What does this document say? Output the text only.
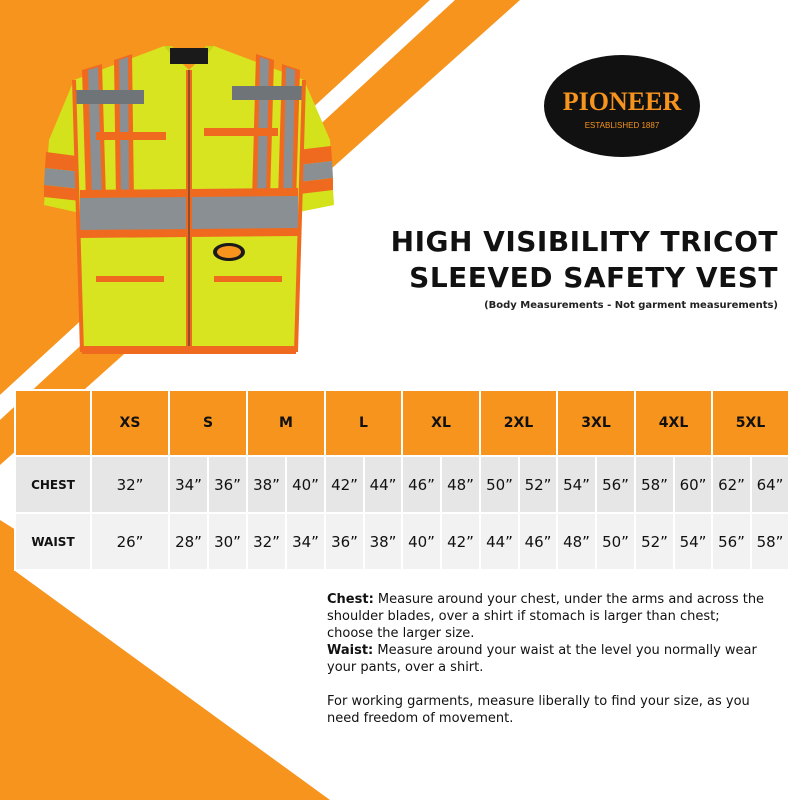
PIONEER
ESTABLISHED 1887
HIGH VISIBILITY TRICOT
SLEEVED SAFETY VEST
(Body Measurements - Not garment measurements)
	XS	S		M		L		XL		2XL		3XL		4XL		5XL	
CHEST	32”	34”	36”	38”	40”	42”	44”	46”	48”	50”	52”	54”	56”	58”	60”	62”	64”
WAIST	26”	28”	30”	32”	34”	36”	38”	40”	42”	44”	46”	48”	50”	52”	54”	56”	58”

Chest: Measure around your chest, under the arms and across the shoulder blades, over a shirt if stomach is larger than chest; choose the larger size.

Waist: Measure around your waist at the level you normally wear your pants, over a shirt.

For working garments, measure liberally to find your size, as you need freedom of movement.
